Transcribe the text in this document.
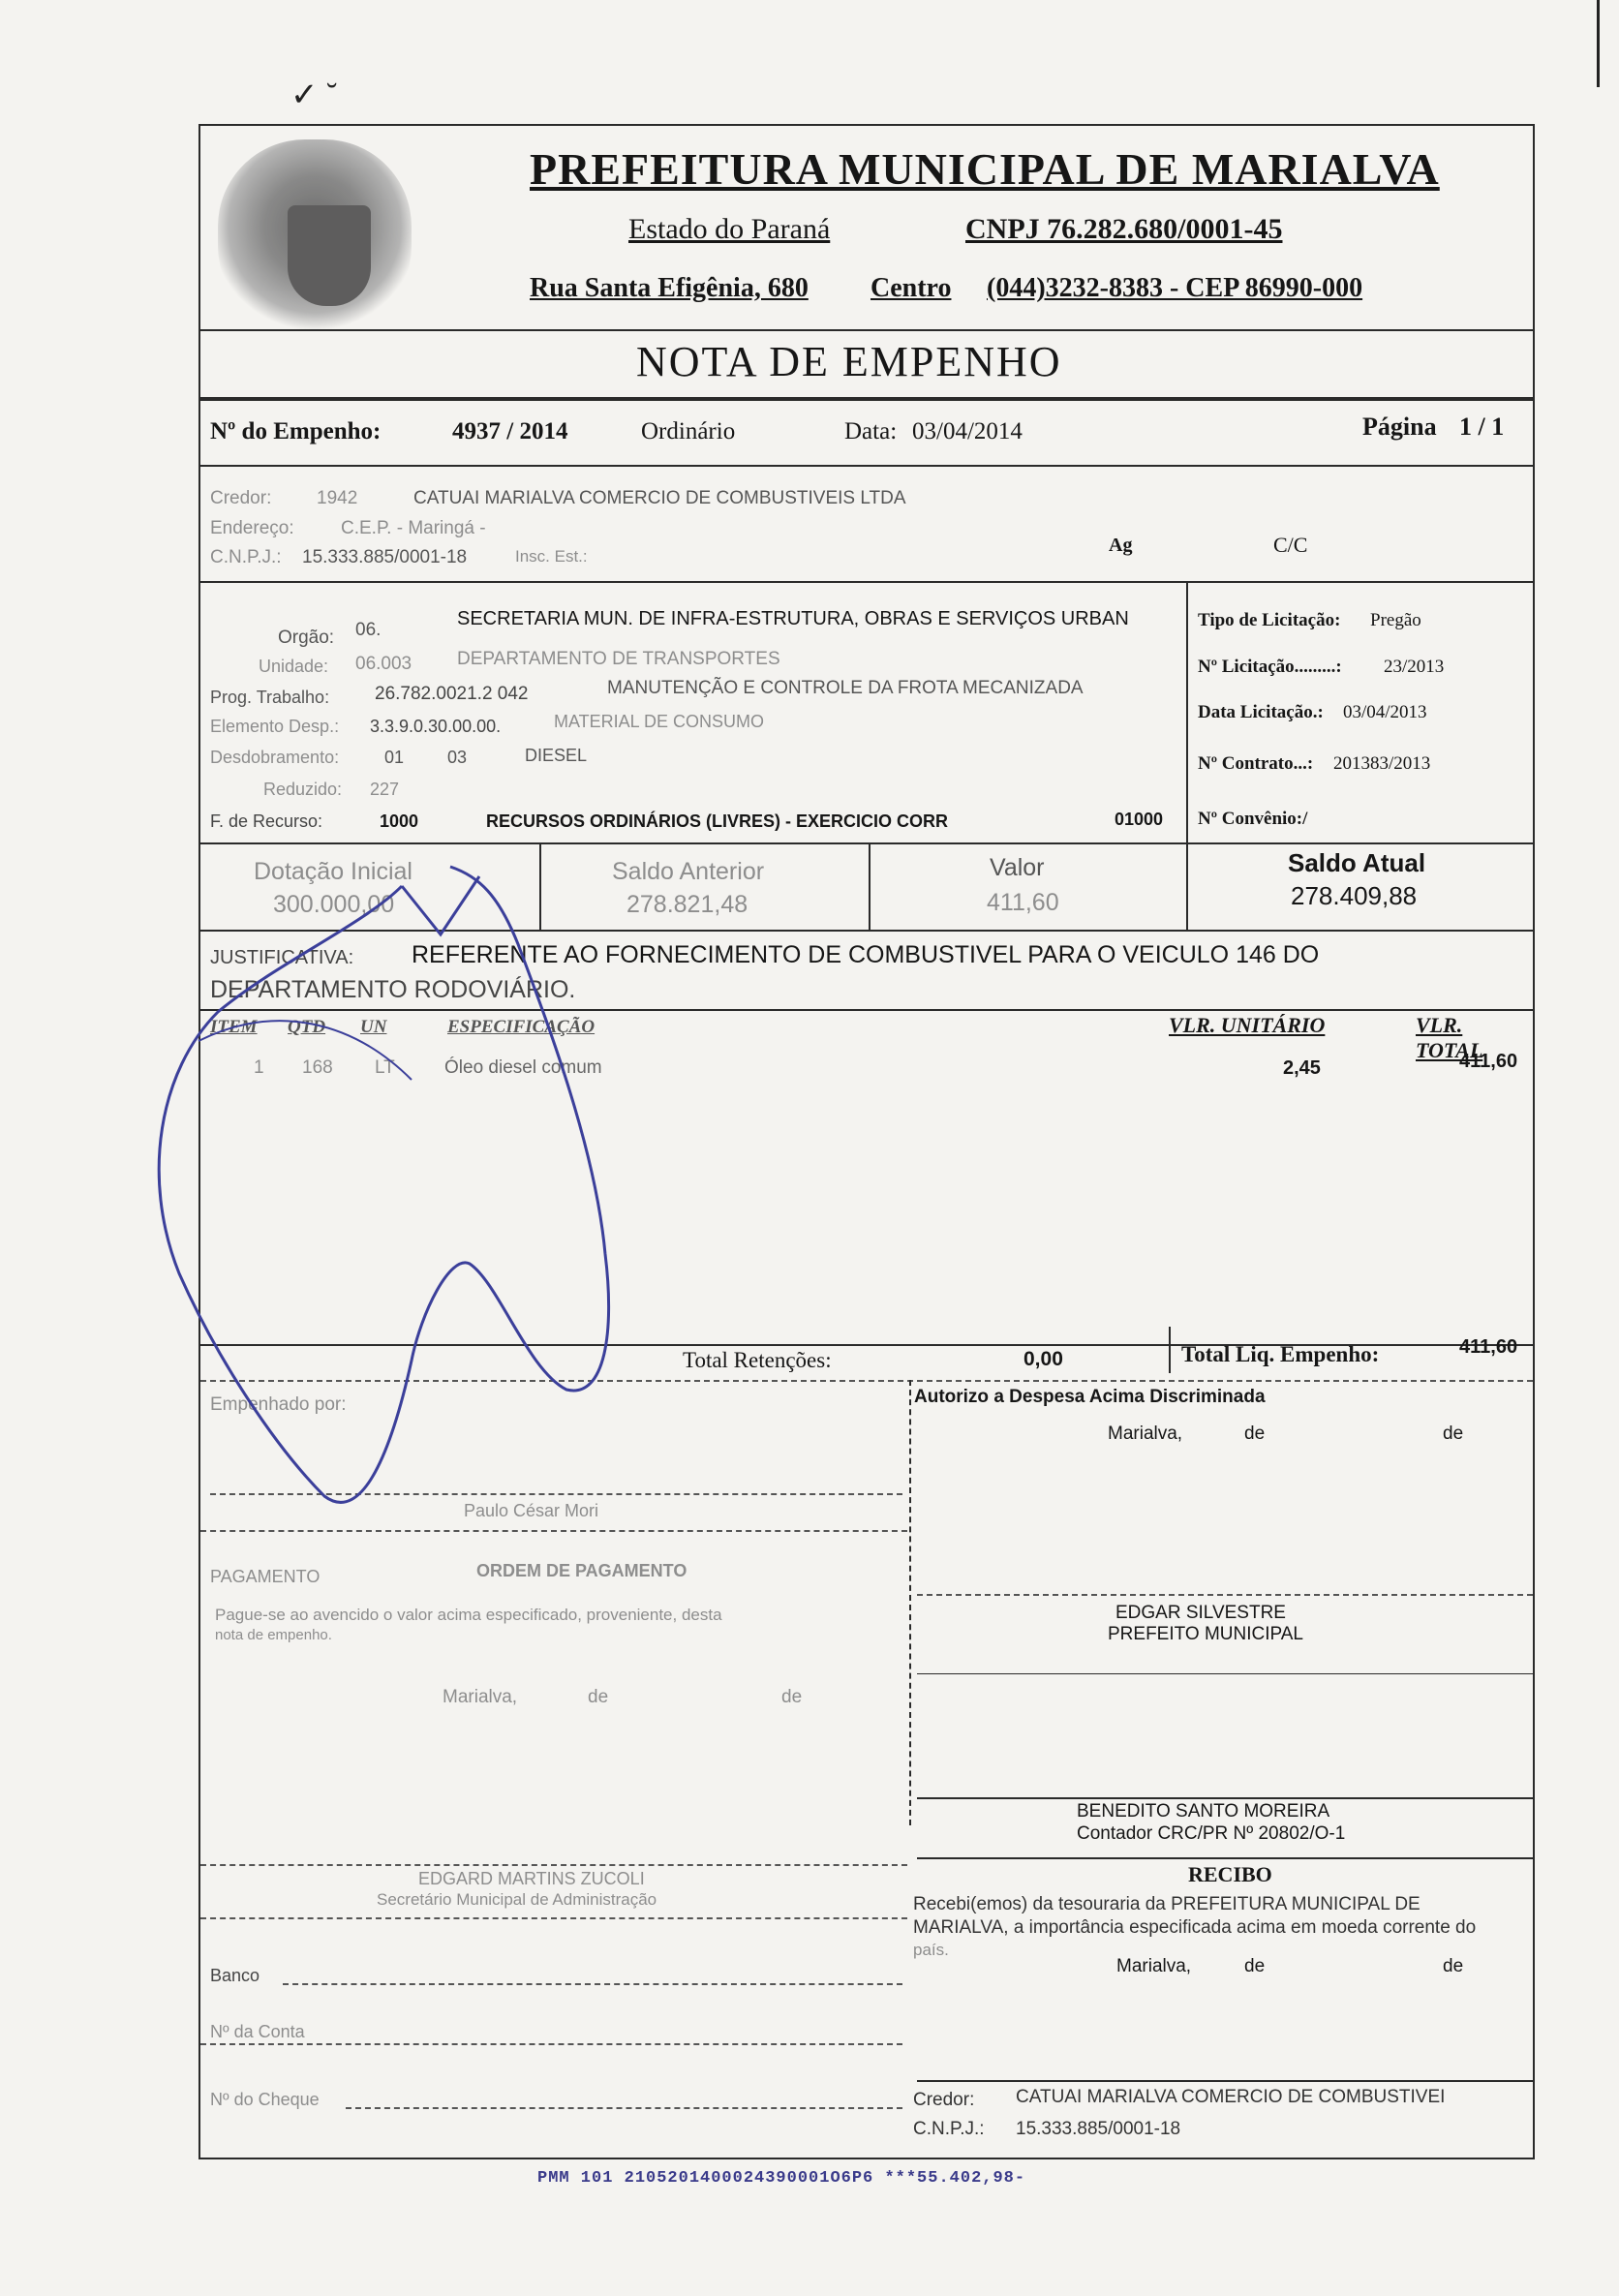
✓ ˘
PREFEITURA MUNICIPAL DE MARIALVA
Estado do Paraná	CNPJ 76.282.680/0001-45
Rua Santa Efigênia, 680 Centro (044)3232-8383 - CEP 86990-000
NOTA DE EMPENHO
Nº do Empenho:	4937 / 2014	Ordinário	Data: 03/04/2014	Página 1 / 1
Credor: 1942	CATUAI MARIALVA COMERCIO DE COMBUSTIVEIS LTDA
Endereço:	C.E.P. - Maringá -
C.N.P.J.: 15.333.885/0001-18	Insc. Est.:
Ag	C/C
Orgão: 06.
SECRETARIA MUN. DE INFRA-ESTRUTURA, OBRAS E SERVIÇOS URBAN
Unidade: 06.003 DEPARTAMENTO DE TRANSPORTES
Prog. Trabalho: 26.782.0021.2 042	MANUTENÇÃO E CONTROLE DA FROTA MECANIZADA
Elemento Desp.: 3.3.9.0.30.00.00.	MATERIAL DE CONSUMO
Desdobramento:	01 03	DIESEL
Reduzido: 227
F. de Recurso:	1000	RECURSOS ORDINÁRIOS (LIVRES) - EXERCICIO CORR	01000
Tipo de Licitação: Pregão
Nº Licitação.........: 23/2013
Data Licitação.: 03/04/2013
Nº Contrato...: 201383/2013
Nº Convênio:/
Dotação Inicial
300.000,00
Saldo Anterior
278.821,48
Valor
411,60
Saldo Atual
278.409,88
JUSTIFICATIVA: REFERENTE AO FORNECIMENTO DE COMBUSTIVEL PARA O VEICULO 146 DO
DEPARTAMENTO RODOVIÁRIO.
ITEM QTD UN	ESPECIFICAÇÃO	VLR. UNITÁRIO	VLR. TOTAL
1 168 LT	Óleo diesel comum	2,45	411,60
Total Retenções:	0,00	Total Liq. Empenho:	411,60
Empenhado por:	Autorizo a Despesa Acima Discriminada
Marialva,	de	de
Paulo César Mori
PAGAMENTO	ORDEM DE PAGAMENTO
Pague-se ao avencido o valor acima especificado, proveniente, desta
nota de empenho.
Marialva,	de	de
EDGAR SILVESTRE
PREFEITO MUNICIPAL
BENEDITO SANTO MOREIRA
Contador CRC/PR Nº 20802/O-1
EDGARD MARTINS ZUCOLI
Secretário Municipal de Administração
RECIBO
Recebi(emos) da tesouraria da PREFEITURA MUNICIPAL DE
MARIALVA, a importância especificada acima em moeda corrente do
país.
Marialva,	de	de
Banco
Nº da Conta
Nº do Cheque	Credor: CATUAI MARIALVA COMERCIO DE COMBUSTIVEI
C.N.P.J.: 15.333.885/0001-18
PMM 101 2105201400024390001O6P6 ***55.402,98-
